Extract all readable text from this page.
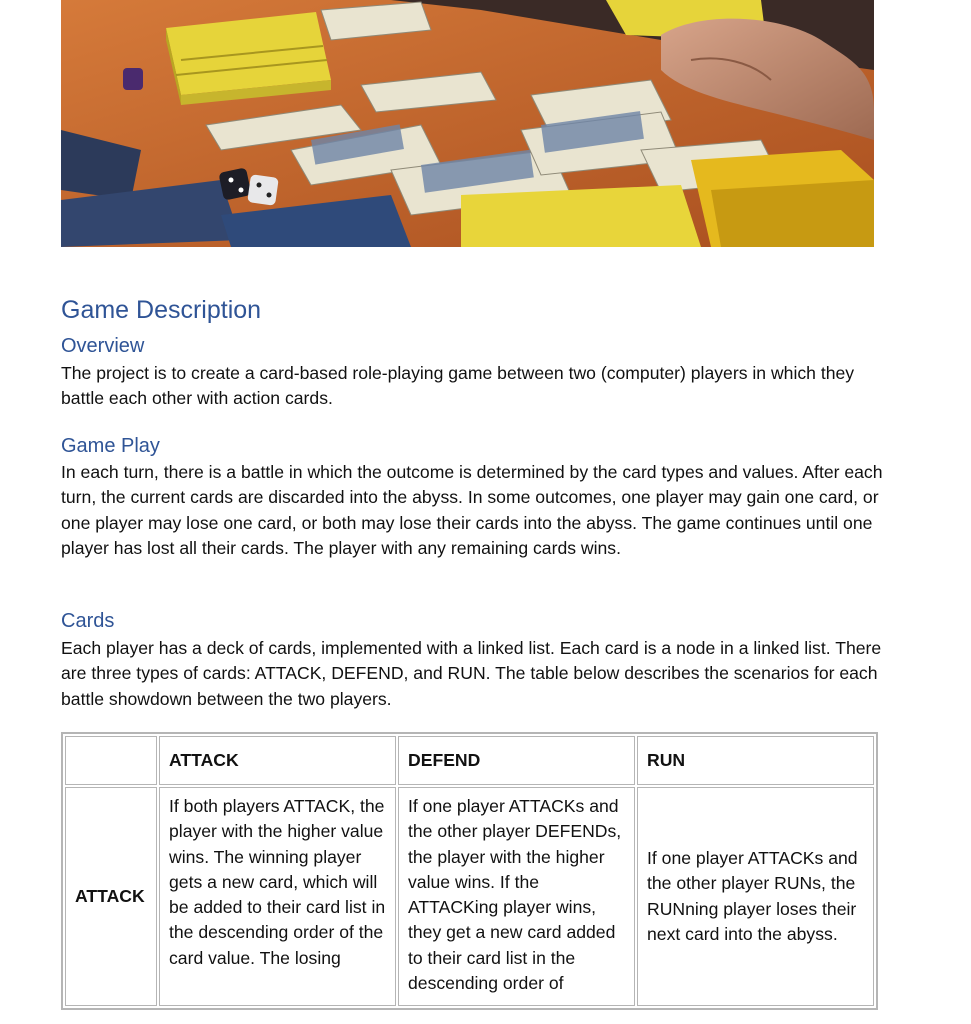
Game Description
Overview

The project is to create a card-based role-playing game between two (computer) players in which they battle each other with action cards.

Game Play

In each turn, there is a battle in which the outcome is determined by the card types and values. After each turn, the current cards are discarded into the abyss. In some outcomes, one player may gain one card, or one player may lose one card, or both may lose their cards into the abyss. The game continues until one player has lost all their cards. The player with any remaining cards wins.

Cards

Each player has a deck of cards, implemented with a linked list. Each card is a node in a linked list. There are three types of cards: ATTACK, DEFEND, and RUN. The table below describes the scenarios for each battle showdown between the two players.

	ATTACK	DEFEND	RUN
ATTACK	If both players ATTACK, the player with the higher value wins. The winning player gets a new card, which will be added to their card list in the descending order of the card value. The losing	If one player ATTACKs and the other player DEFENDs, the player with the higher value wins. If the ATTACKing player wins, they get a new card added to their card list in the descending order of	If one player ATTACKs and the other player RUNs, the RUNning player loses their next card into the abyss.
